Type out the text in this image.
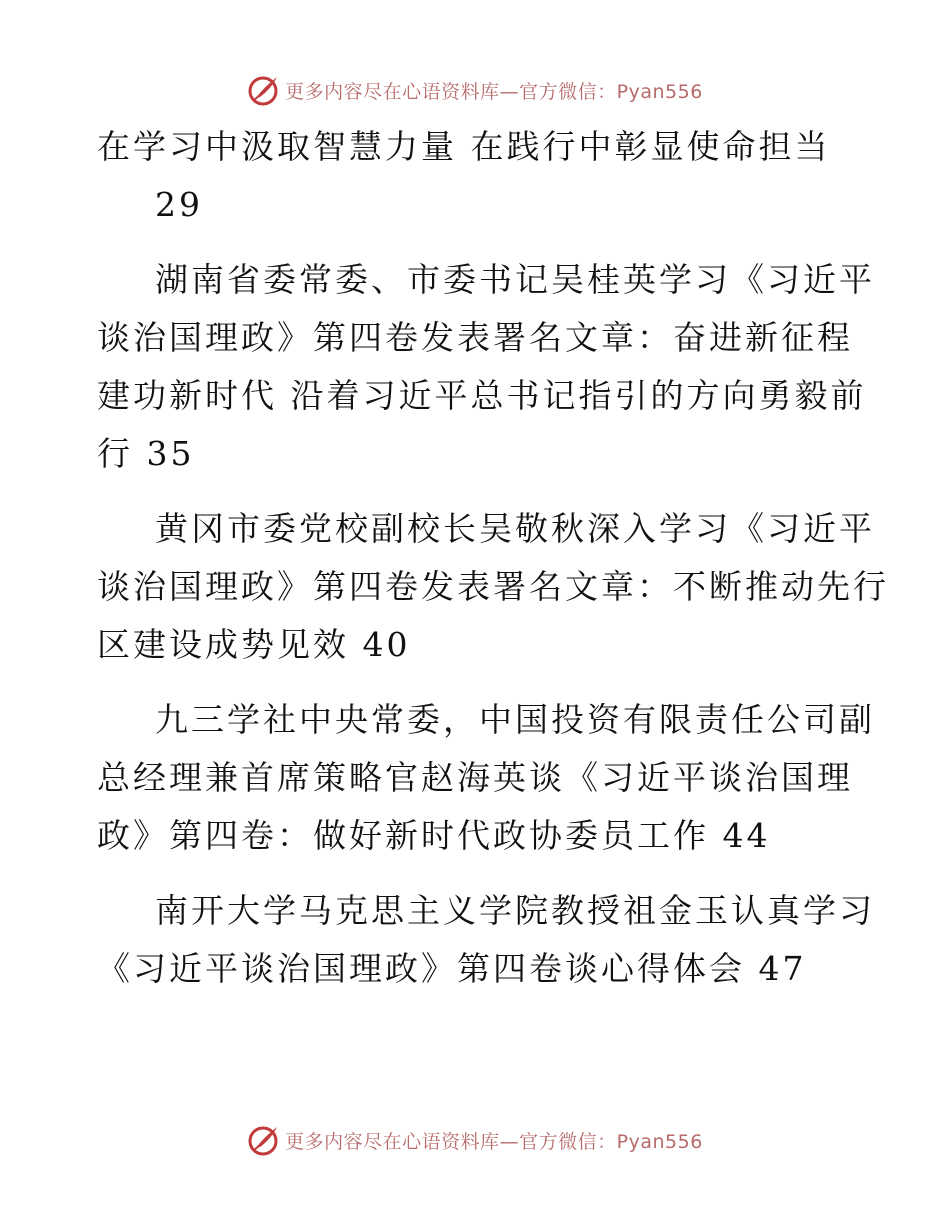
更多内容尽在心语资料库—官方微信：Pyan556
在学习中汲取智慧力量 在践行中彰显使命担当
29
湖南省委常委、市委书记吴桂英学习《习近平
谈治国理政》第四卷发表署名文章：奋进新征程
建功新时代 沿着习近平总书记指引的方向勇毅前
行 35
黄冈市委党校副校长吴敬秋深入学习《习近平
谈治国理政》第四卷发表署名文章：不断推动先行
区建设成势见效 40
九三学社中央常委，中国投资有限责任公司副
总经理兼首席策略官赵海英谈《习近平谈治国理
政》第四卷：做好新时代政协委员工作 44
南开大学马克思主义学院教授祖金玉认真学习
《习近平谈治国理政》第四卷谈心得体会 47
更多内容尽在心语资料库—官方微信：Pyan556
